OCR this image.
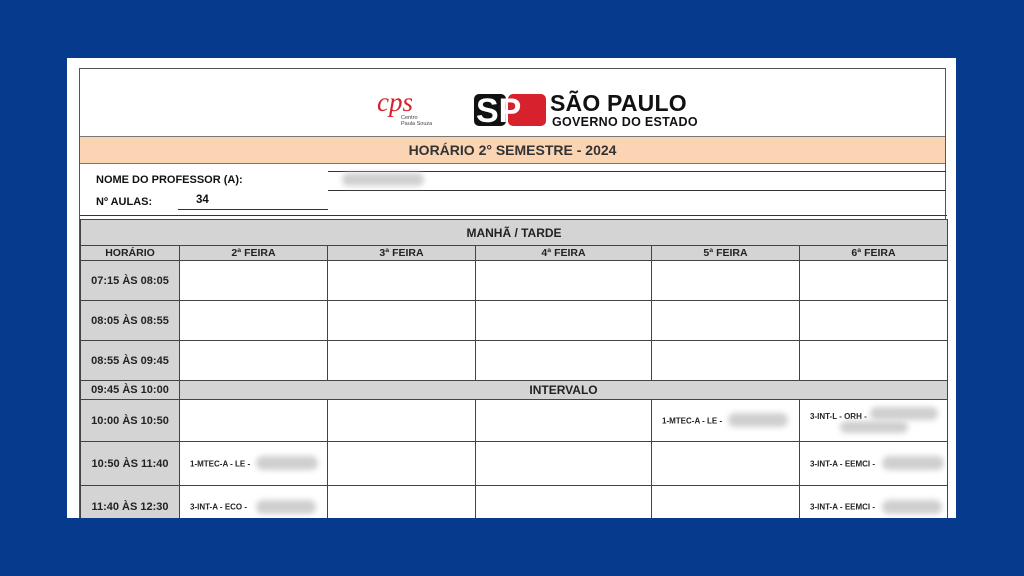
cps
Centro
Paula Souza SP SÃO PAULO
GOVERNO DO ESTADO
HORÁRIO 2° SEMESTRE - 2024
NOME DO PROFESSOR (A):
Nº AULAS:	34
MANHÃ / TARDE					
HORÁRIO	2ª FEIRA	3ª FEIRA	4ª FEIRA	5ª FEIRA	6ª FEIRA
07:15 ÀS 08:05					
08:05 ÀS 08:55					
08:55 ÀS 09:45					
09:45 ÀS 10:00	INTERVALO				
10:00 ÀS 10:50				1-MTEC-A - LE -	3-INT-L - ORH -

10:50 ÀS 11:40	1-MTEC-A - LE -				3-INT-A - EEMCI -

11:40 ÀS 12:30	3-INT-A - ECO -				3-INT-A - EEMCI -
